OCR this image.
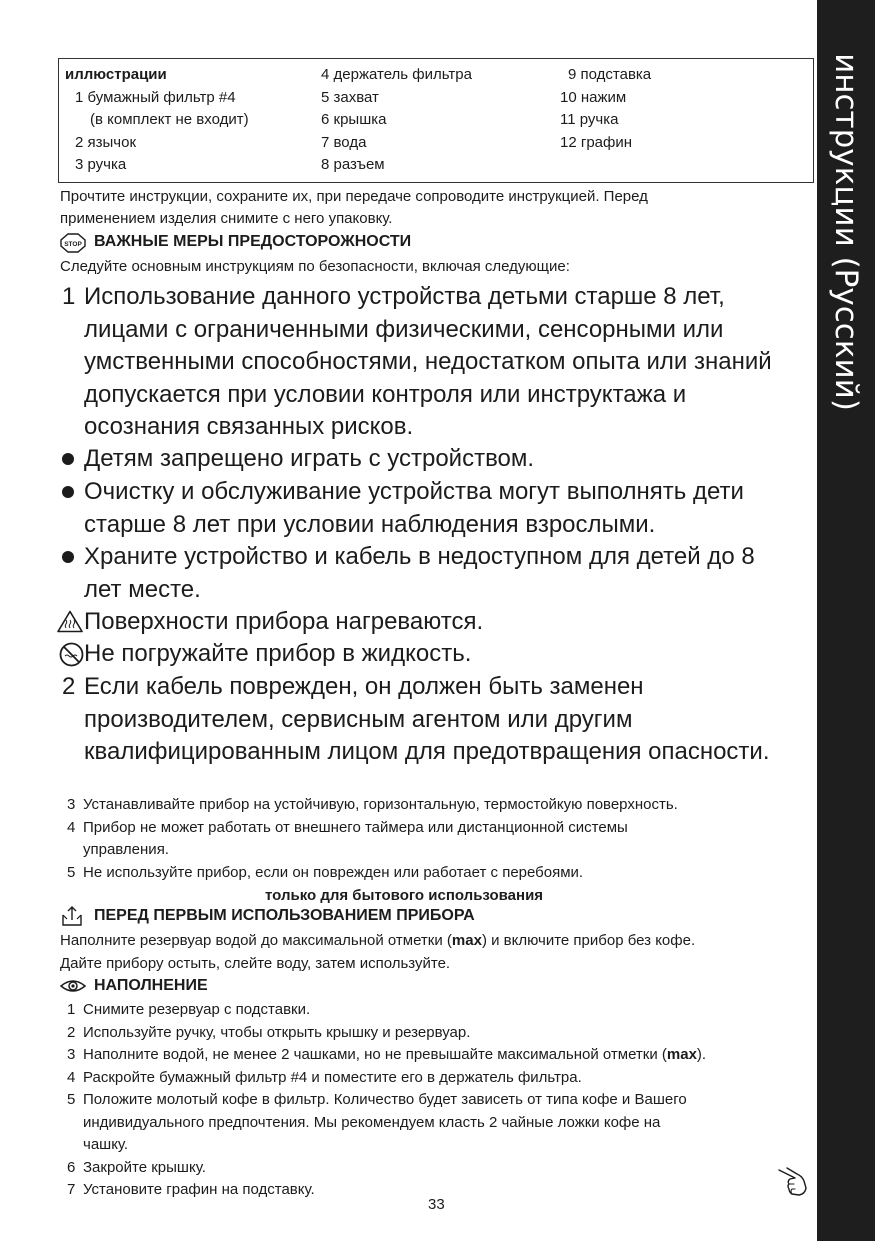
инструкции (Русский)
иллюстрации
1 бумажный фильтр #4
(в комплект не входит)
2 язычок
3 ручка
4 держатель фильтра
5 захват
6 крышка
7 вода
8 разъем
9 подставка
10 нажим
11 ручка
12 графин
Прочтите инструкции, сохраните их, при передаче сопроводите инструкцией. Перед
применением изделия снимите с него упаковку.
STOP ВАЖНЫЕ МЕРЫ ПРЕДОСТОРОЖНОСТИ
Следуйте основным инструкциям по безопасности, включая следующие:
1 Использование данного устройства детьми старше 8 лет,
лицами с ограниченными физическими, сенсорными или
умственными способностями, недостатком опыта или знаний
допускается при условии контроля или инструктажа и
осознания связанных рисков.
Детям запрещено играть с устройством.
Очистку и обслуживание устройства могут выполнять дети
старше 8 лет при условии наблюдения взрослыми.
Храните устройство и кабель в недоступном для детей до 8
лет месте.
Поверхности прибора нагреваются.
Не погружайте прибор в жидкость.
2 Если кабель поврежден, он должен быть заменен
производителем, сервисным агентом или другим
квалифицированным лицом для предотвращения опасности.
3 Устанавливайте прибор на устойчивую, горизонтальную, термостойкую поверхность.
4 Прибор не может работать от внешнего таймера или дистанционной системы
управления.
5 Не используйте прибор, если он поврежден или работает с перебоями.
только для бытового использования
ПЕРЕД ПЕРВЫМ ИСПОЛЬЗОВАНИЕМ ПРИБОРА
Наполните резервуар водой до максимальной отметки (max) и включите прибор без кофе.
Дайте прибору остыть, слейте воду, затем используйте.
НАПОЛНЕНИЕ
1 Снимите резервуар с подставки.
2 Используйте ручку, чтобы открыть крышку и резервуар.
3 Наполните водой, не менее 2 чашками, но не превышайте максимальной отметки (max).
4 Раскройте бумажный фильтр #4 и поместите его в держатель фильтра.
5 Положите молотый кофе в фильтр. Количество будет зависеть от типа кофе и Вашего
индивидуального предпочтения. Мы рекомендуем класть 2 чайные ложки кофе на
чашку.
6 Закройте крышку.
7 Установите графин на подставку.
33
